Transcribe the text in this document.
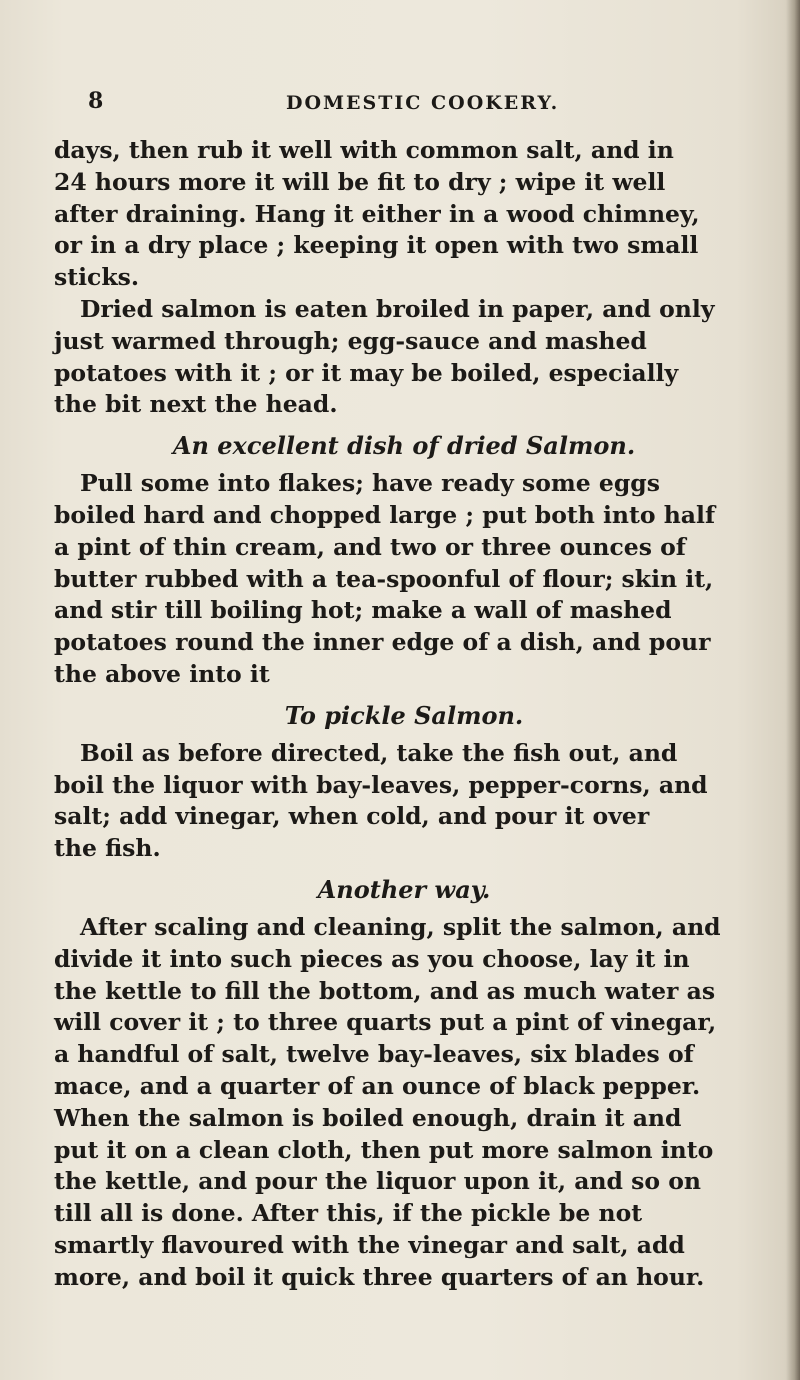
8	DOMESTIC COOKERY.
days, then rub it well with common salt, and in
24 hours more it will be fit to dry ; wipe it well
after draining. Hang it either in a wood chimney,
or in a dry place ; keeping it open with two small
sticks.
Dried salmon is eaten broiled in paper, and only
just warmed through; egg-sauce and mashed
potatoes with it ; or it may be boiled, especially
the bit next the head.
An excellent dish of dried Salmon.
Pull some into flakes; have ready some eggs
boiled hard and chopped large ; put both into half
a pint of thin cream, and two or three ounces of
butter rubbed with a tea-spoonful of flour; skin it,
and stir till boiling hot; make a wall of mashed
potatoes round the inner edge of a dish, and pour
the above into it
To pickle Salmon.
Boil as before directed, take the fish out, and
boil the liquor with bay-leaves, pepper-corns, and
salt; add vinegar, when cold, and pour it over
the fish.
Another way.
After scaling and cleaning, split the salmon, and
divide it into such pieces as you choose, lay it in
the kettle to fill the bottom, and as much water as
will cover it ; to three quarts put a pint of vinegar,
a handful of salt, twelve bay-leaves, six blades of
mace, and a quarter of an ounce of black pepper.
When the salmon is boiled enough, drain it and
put it on a clean cloth, then put more salmon into
the kettle, and pour the liquor upon it, and so on
till all is done. After this, if the pickle be not
smartly flavoured with the vinegar and salt, add
more, and boil it quick three quarters of an hour.
